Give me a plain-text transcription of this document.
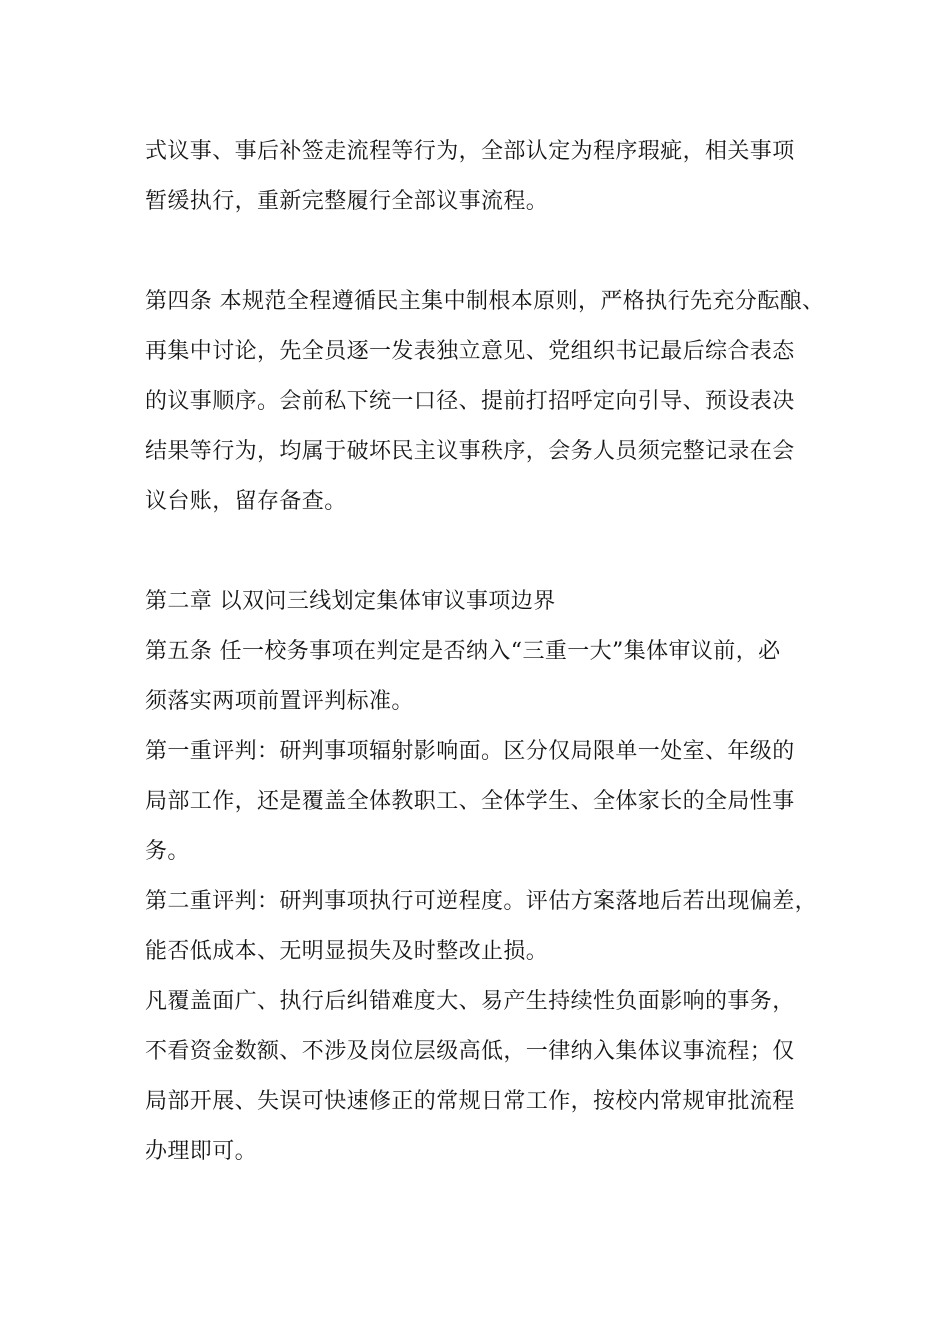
式议事、事后补签走流程等行为，全部认定为程序瑕疵，相关事项
暂缓执行，重新完整履行全部议事流程。
第四条 本规范全程遵循民主集中制根本原则，严格执行先充分酝酿、
再集中讨论，先全员逐一发表独立意见、党组织书记最后综合表态
的议事顺序。会前私下统一口径、提前打招呼定向引导、预设表决
结果等行为，均属于破坏民主议事秩序，会务人员须完整记录在会
议台账，留存备查。
第二章 以双问三线划定集体审议事项边界
第五条 任一校务事项在判定是否纳入“三重一大”集体审议前，必
须落实两项前置评判标准。
第一重评判：研判事项辐射影响面。区分仅局限单一处室、年级的
局部工作，还是覆盖全体教职工、全体学生、全体家长的全局性事
务。
第二重评判：研判事项执行可逆程度。评估方案落地后若出现偏差，
能否低成本、无明显损失及时整改止损。
凡覆盖面广、执行后纠错难度大、易产生持续性负面影响的事务，
不看资金数额、不涉及岗位层级高低，一律纳入集体议事流程；仅
局部开展、失误可快速修正的常规日常工作，按校内常规审批流程
办理即可。
